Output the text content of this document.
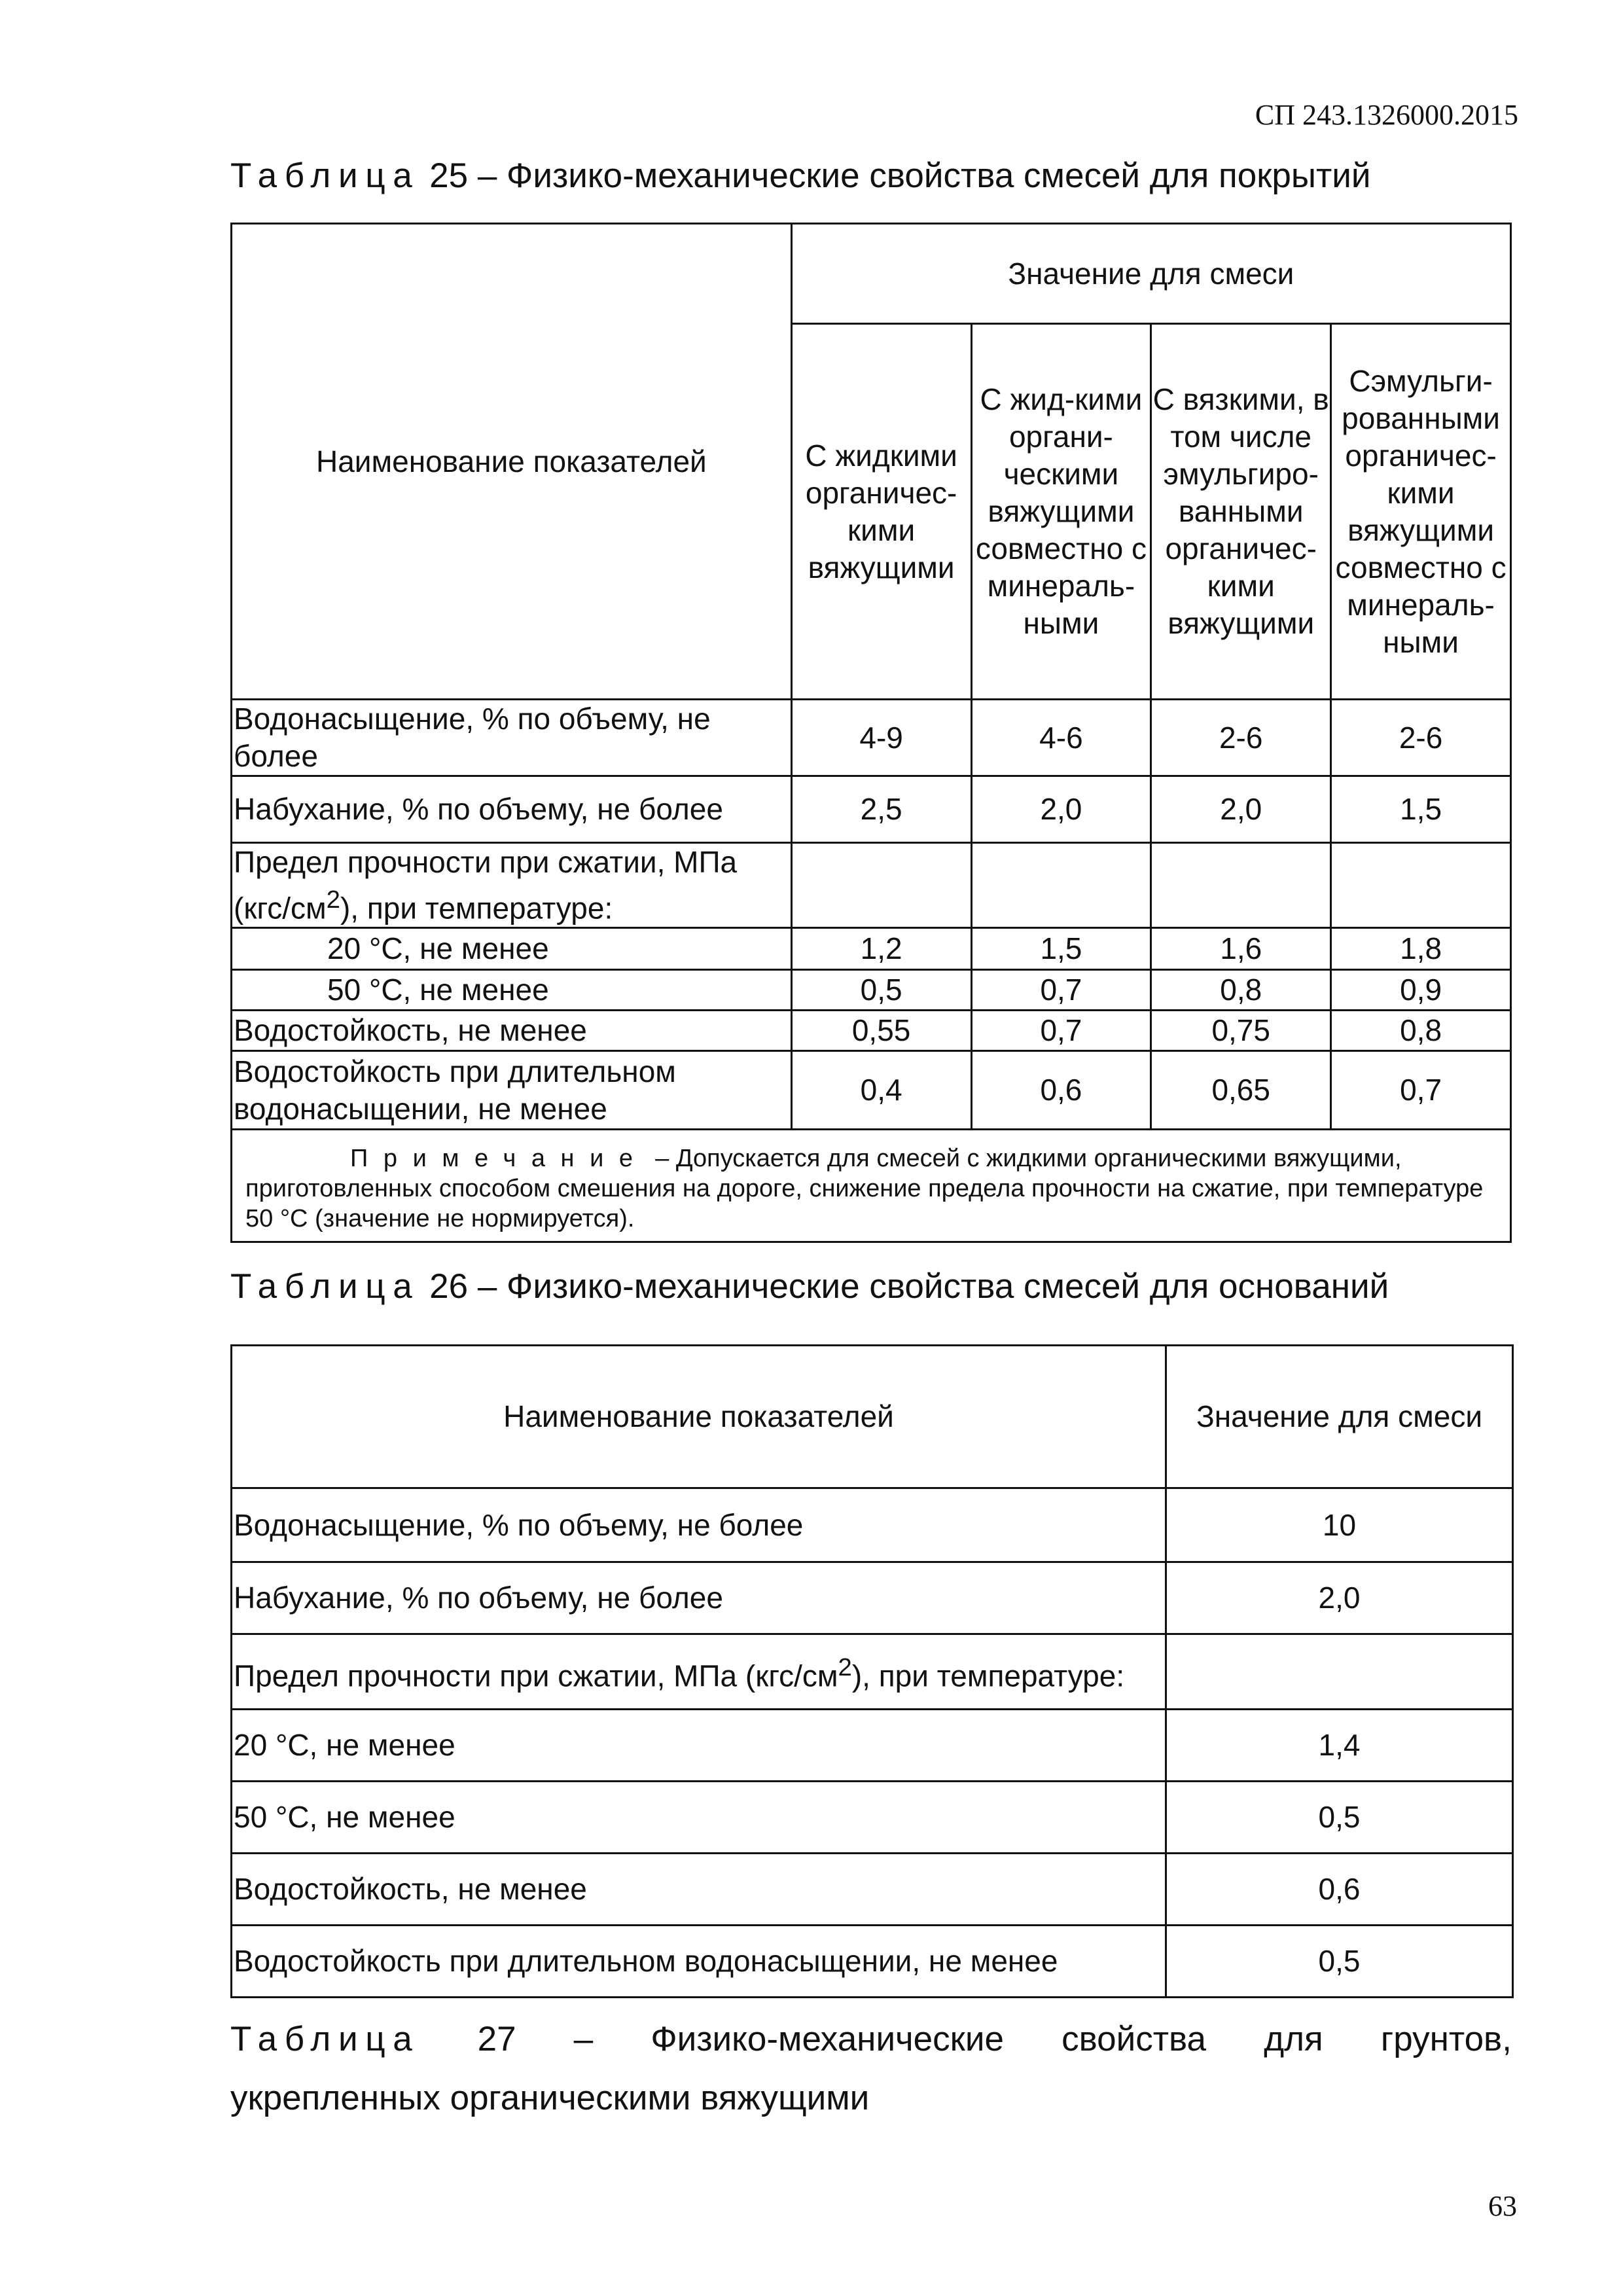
СП 243.1326000.2015
Таблица 25 – Физико-механические свойства смесей для покрытий
Наименование показателей	Значение для смеси			
	С жидкими органичес-кими вяжущими	С жид-кими органи-ческими вяжущими совместно с минераль-ными	С вязкими, в том числе эмульгиро-ванными органичес-кими вяжущими	Сэмульги-рованными органичес-кими вяжущими совместно с минераль-ными
Водонасыщение, % по объему, не более	4-9	4-6	2-6	2-6
Набухание, % по объему, не более	2,5	2,0	2,0	1,5
Предел прочности при сжатии, МПа $(кгс/см^2)$, при температуре:				
20 °С, не менее	1,2	1,5	1,6	1,8
50 °С, не менее	0,5	0,7	0,8	0,9
Водостойкость, не менее	0,55	0,7	0,75	0,8
Водостойкость при длительном водонасыщении, не менее	0,4	0,6	0,65	0,7
Примечание – Допускается для смесей с жидкими органическими вяжущими, приготовленных способом смешения на дороге, снижение предела прочности на сжатие, при температуре 50 °С (значение не нормируется).				
Таблица 26 – Физико-механические свойства смесей для оснований
Наименование показателей	Значение для смеси
Водонасыщение, % по объему, не более	10
Набухание, % по объему, не более	2,0
Предел прочности при сжатии, МПа $(кгс/см^2)$, при температуре:	
20 °С, не менее	1,4
50 °С, не менее	0,5
Водостойкость, не менее	0,6
Водостойкость при длительном водонасыщении, не менее	0,5
Таблица 27 – Физико-механические свойства для грунтов,
укрепленных органическими вяжущими
63
